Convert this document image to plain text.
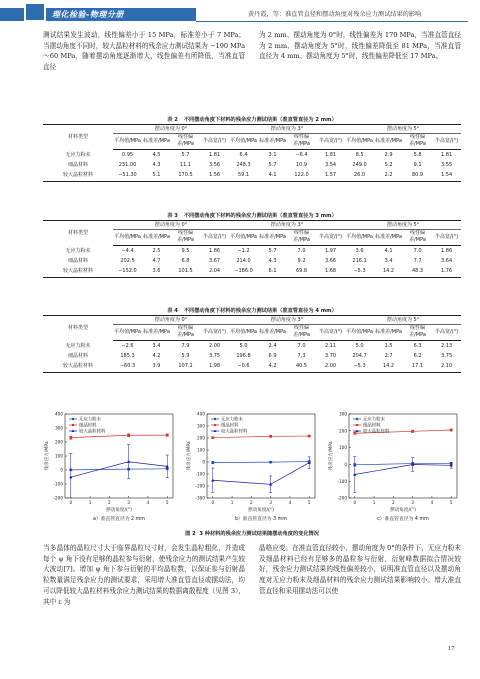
理化检验-物理分册	黄丹霞，等：准直管直径和摆动角度对残余应力测试结果的影响
测试结果发生波动，线性偏差小于 15 MPa，标准差小于 7 MPa；当摆动角度不同时，较大晶粒材料的残余应力测试结果为 −190 MPa～60 MPa，随着摆动角度逐渐增大，线性偏差有所降低，当准直管直径
为 2 mm、摆动角度为 0°时，线性偏差为 170 MPa，当准直管直径为 2 mm、摆动角度为 5°时，线性偏差降低至 81 MPa，当准直管直径为 4 mm、摆动角度为 5°时，线性偏差降低至 17 MPa。
表 2 不同摆动角度下材料的残余应力测试结果（准直管直径为 2 mm）
材料类型	摆动角度为 0°				摆动角度为 3°				摆动角度为 5°			
	平均值/MPa	标准差/MPa	线性偏差/MPa	半高宽/(°)	平均值/MPa	标准差/MPa	线性偏差/MPa	半高宽/(°)	平均值/MPa	标准差/MPa	线性偏差/MPa	半高宽/(°)
无应力粉末	0.95	4.5	5.7	1.81	6.4	3.1	−6.4	1.81	8.5	2.9	5.8	1.81
细晶材料	231.00	4.3	11.1	3.56	248.3	5.7	10.9	3.54	249.0	5.2	9.1	3.55
较大晶粒材料	−51.30	5.1	170.5	1.56	59.1	4.1	122.0	1.57	26.0	2.2	80.9	1.54
表 3 不同摆动角度下材料的残余应力测试结果（准直管直径为 3 mm）
材料类型	摆动角度为 0°				摆动角度为 3°				摆动角度为 5°			
	平均值/MPa	标准差/MPa	线性偏差/MPa	半高宽/(°)	平均值/MPa	标准差/MPa	线性偏差/MPa	半高宽/(°)	平均值/MPa	标准差/MPa	线性偏差/MPa	半高宽/(°)
无应力粉末	−4.4	2.5	9.5	1.86	−1.2	5.7	7.0	1.97	3.6	4.1	7.0	1.86
细晶材料	202.5	4.7	6.8	3.67	214.0	4.3	9.2	3.66	216.1	3.4	7.7	3.64
较大晶粒材料	−152.0	3.6	101.5	2.04	−186.0	6.1	69.8	1.68	−5.3	14.2	48.3	1.76
表 4 不同摆动角度下材料的残余应力测试结果（准直管直径为 4 mm）
材料类型	摆动角度为 0°				摆动角度为 3°				摆动角度为 5°			
	平均值/MPa	标准差/MPa	线性偏差/MPa	半高宽/(°)	平均值/MPa	标准差/MPa	线性偏差/MPa	半高宽/(°)	平均值/MPa	标准差/MPa	线性偏差/MPa	半高宽/(°)
无应力粉末	−2.6	3.4	7.9	2.00	5.0	2.4	7.0	2.11	5.0	1.5	6.3	2.13
细晶材料	185.3	4.2	5.9	3.75	196.8	6.9	7.3	3.70	204.7	2.7	6.2	3.75
较大晶粒材料	−60.3	3.9	107.1	1.98	−0.6	4.2	40.5	2.00	−5.3	14.2	17.1	2.10
-200
-100
0
100
200
300
400
0	1	2	3	4	5
摆动角度/(°)
残余应力/MPa
a）准直管直径为 2 mm
无应力粉末
细晶材料
较大晶粒材料
-300
-200
-100
0
100
200
300
400
0	1	2	3	4	5
摆动角度/(°)
残余应力/MPa
b）准直管直径为 3 mm
无应力粉末
细晶材料
较大晶粒材料
-200
-100
0
100
200
300
0	1	2	3	4	5
摆动角度/(°)
残余应力/MPa
c）准直管直径为 4 mm
无应力粉末
细晶材料
较大晶粒材料
图 2 3 种材料的残余应力测试结果随摆动角度的变化情况
当多晶体的晶粒尺寸大于临界晶粒尺寸时，会发生晶粒粗化，并造成每个 ψ 角下没有足够的晶粒参与衍射，使残余应力的测试结果产生较大波动[7]。增加 ψ 角下参与衍射的平均晶粒数，以保证参与衍射晶粒数量满足残余应力的测试要求，采用增大准直管直径或摆动法，均可以降低较大晶粒材料残余应力测试结果的数据离散程度（见图 3），其中 ε 为
晶格应变。在准直管直径较小、摆动角度为 0°的条件下，无应力粉末及细晶材料已经有足够多的晶粒参与衍射，衍射峰数据拟合情况较好，残余应力测试结果的线性偏差较小，说明准直管直径以及摆动角度对无应力粉末及细晶材料的残余应力测试结果影响较小。增大准直管直径和采用摆动法可以使
17
